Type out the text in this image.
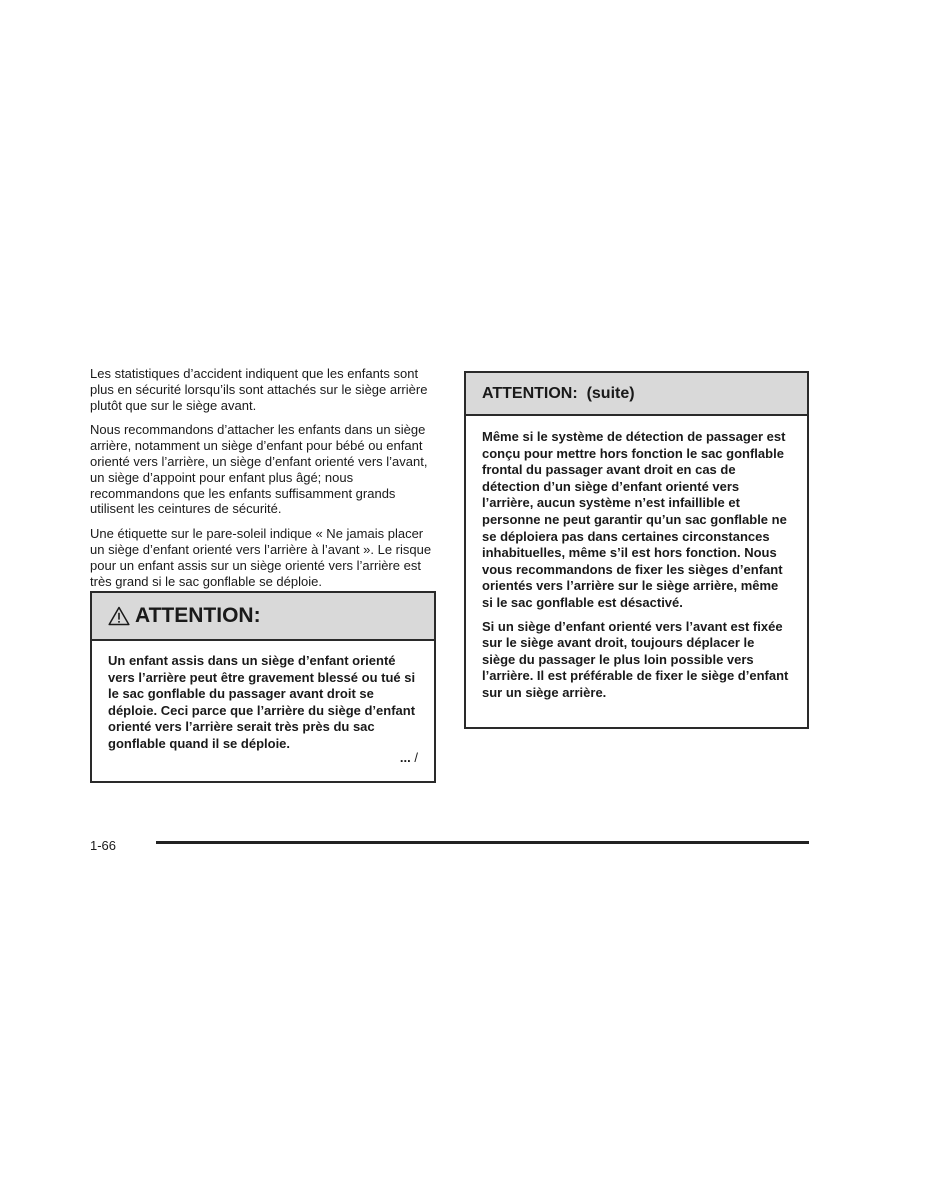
Les statistiques d’accident indiquent que les enfants sont plus en sécurité lorsqu’ils sont attachés sur le siège arrière plutôt que sur le siège avant.

Nous recommandons d’attacher les enfants dans un siège arrière, notamment un siège d’enfant pour bébé ou enfant orienté vers l’arrière, un siège d’enfant orienté vers l’avant, un siège d’appoint pour enfant plus âgé; nous recommandons que les enfants suffisamment grands utilisent les ceintures de sécurité.

Une étiquette sur le pare-soleil indique « Ne jamais placer un siège d’enfant orienté vers l’arrière à l’avant ». Le risque pour un enfant assis sur un siège orienté vers l’arrière est très grand si le sac gonflable se déploie.

ATTENTION:

Un enfant assis dans un siège d’enfant orienté vers l’arrière peut être gravement blessé ou tué si le sac gonflable du passager avant droit se déploie. Ceci parce que l’arrière du siège d’enfant orienté vers l’arrière serait très près du sac gonflable quand il se déploie.

... /
ATTENTION:  (suite)

Même si le système de détection de passager est conçu pour mettre hors fonction le sac gonflable frontal du passager avant droit en cas de détection d’un siège d’enfant orienté vers l’arrière, aucun système n’est infaillible et personne ne peut garantir qu’un sac gonflable ne se déploiera pas dans certaines circonstances inhabituelles, même s’il est hors fonction. Nous vous recommandons de fixer les sièges d’enfant orientés vers l’arrière sur le siège arrière, même si le sac gonflable est désactivé.

Si un siège d’enfant orienté vers l’avant est fixée sur le siège avant droit, toujours déplacer le siège du passager le plus loin possible vers l’arrière. Il est préférable de fixer le siège d’enfant sur un siège arrière.

1-66
